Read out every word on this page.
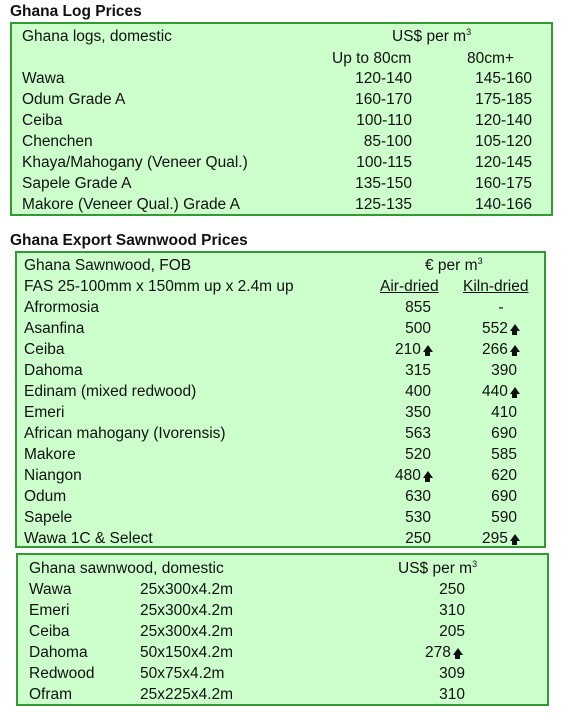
Ghana Log Prices
Ghana logs, domestic	US$ per $m^3$
Up to 80cm	80cm+
Wawa	120-140	145-160
Odum Grade A	160-170	175-185
Ceiba	100-110	120-140
Chenchen	85-100	105-120
Khaya/Mahogany (Veneer Qual.)	100-115	120-145
Sapele Grade A	135-150	160-175
Makore (Veneer Qual.) Grade A	125-135	140-166
Ghana Export Sawnwood Prices
Ghana Sawnwood, FOB	€ per $m^3$
FAS 25-100mm x 150mm up x 2.4m up	Air-dried Kiln-dried
Afrormosia	855	-
Asanfina	500	552
Ceiba	210	266
Dahoma	315	390
Edinam (mixed redwood)	400	440
Emeri	350	410
African mahogany (Ivorensis)	563	690
Makore	520	585
Niangon	480	620
Odum	630	690
Sapele	530	590
Wawa 1C & Select	250	295
Ghana sawnwood, domestic	US$ per $m^3$
Wawa	25x300x4.2m	250
Emeri	25x300x4.2m	310
Ceiba	25x300x4.2m	205
Dahoma	50x150x4.2m	278
Redwood	50x75x4.2m	309
Ofram	25x225x4.2m	310
